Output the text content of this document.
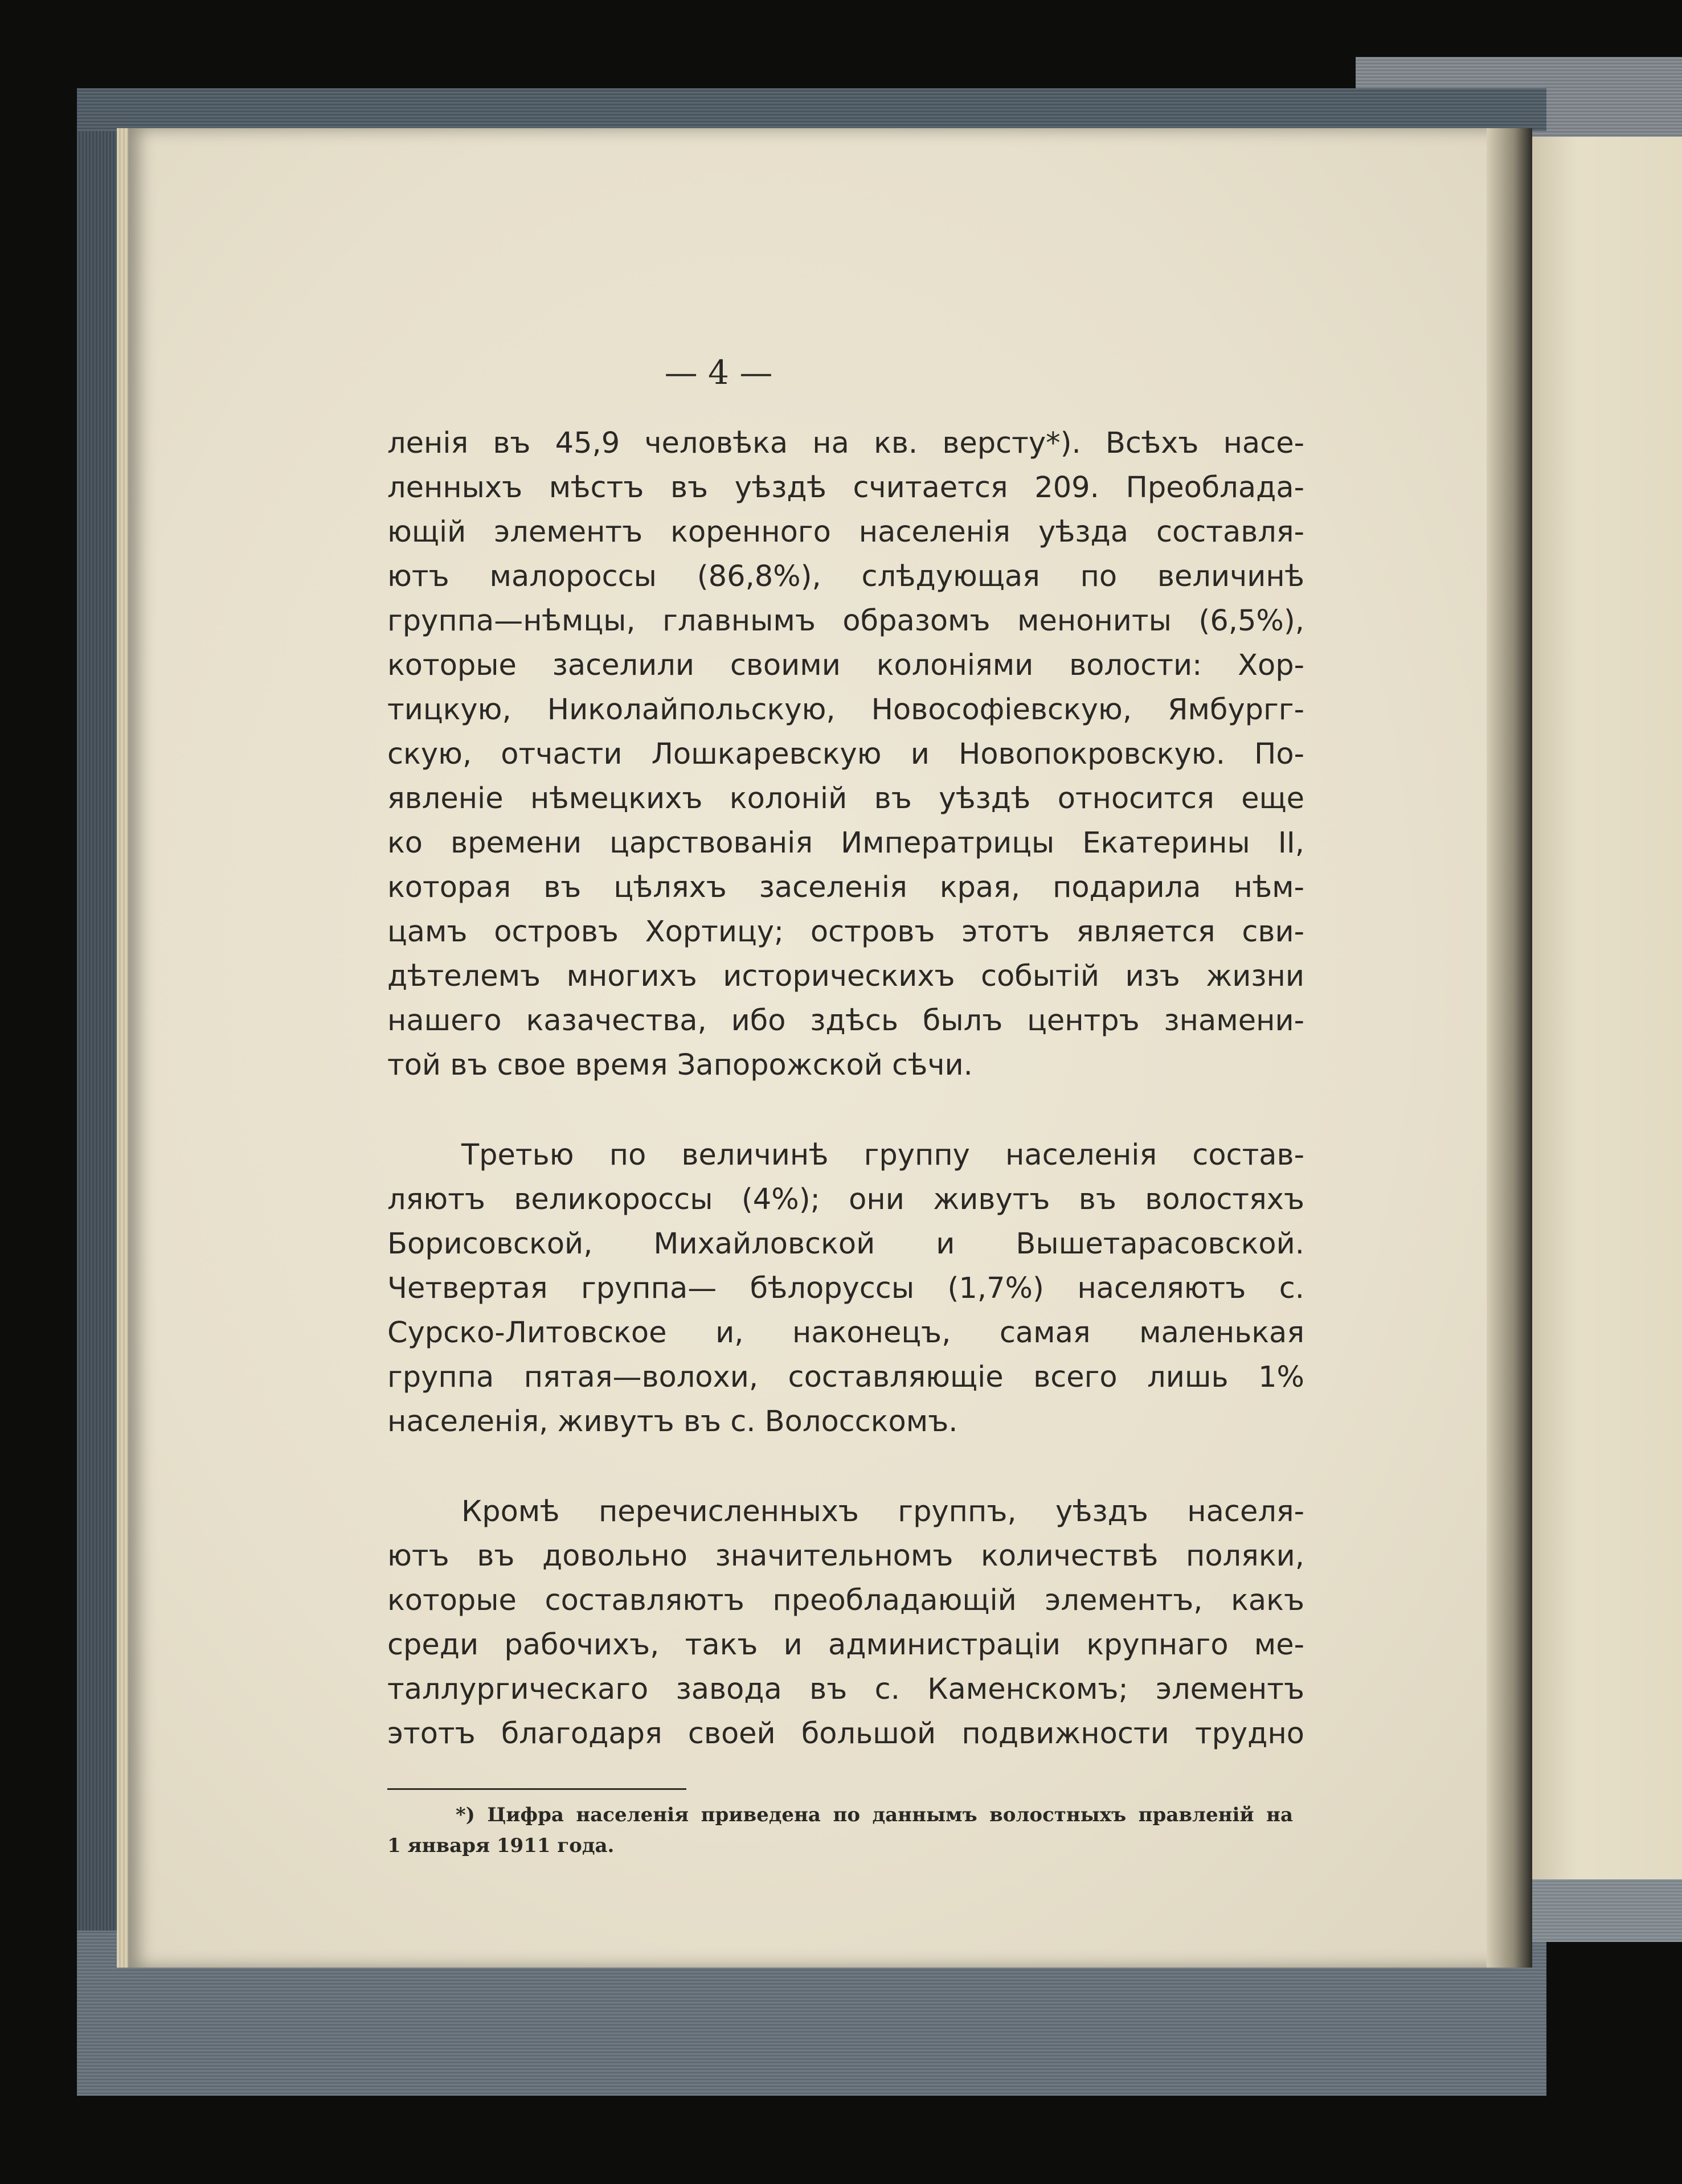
— 4 —
ленія въ 45,9 человѣка на кв. версту*). Всѣхъ насе-
ленныхъ мѣстъ въ уѣздѣ считается 209. Преоблада-
ющій элементъ коренного населенія уѣзда составля-
ютъ малороссы (86,8%), слѣдующая по величинѣ
группа—нѣмцы, главнымъ образомъ менониты (6,5%),
которые заселили своими колоніями волости: Хор-
тицкую, Николайпольскую, Новософіевскую, Ямбургг-
скую, отчасти Лошкаревскую и Новопокровскую. По-
явленіе нѣмецкихъ колоній въ уѣздѣ относится еще
ко времени царствованія Императрицы Екатерины II,
которая въ цѣляхъ заселенія края, подарила нѣм-
цамъ островъ Хортицу; островъ этотъ является сви-
дѣтелемъ многихъ историческихъ событій изъ жизни
нашего казачества, ибо здѣсь былъ центръ знамени-
той въ свое время Запорожской сѣчи.
Третью по величинѣ группу населенія состав-
ляютъ великороссы (4%); они живутъ въ волостяхъ
Борисовской, Михайловской и Вышетарасовской.
Четвертая группа— бѣлоруссы (1,7%) населяютъ с.
Сурско-Литовское и, наконецъ, самая маленькая
группа пятая—волохи, составляющіе всего лишь 1%
населенія, живутъ въ с. Волосскомъ.
Кромѣ перечисленныхъ группъ, уѣздъ населя-
ютъ въ довольно значительномъ количествѣ поляки,
которые составляютъ преобладающій элементъ, какъ
среди рабочихъ, такъ и администраціи крупнаго ме-
таллургическаго завода въ с. Каменскомъ; элементъ
этотъ благодаря своей большой подвижности трудно
*) Цифра населенія приведена по даннымъ волостныхъ правленій на
1 января 1911 года.
